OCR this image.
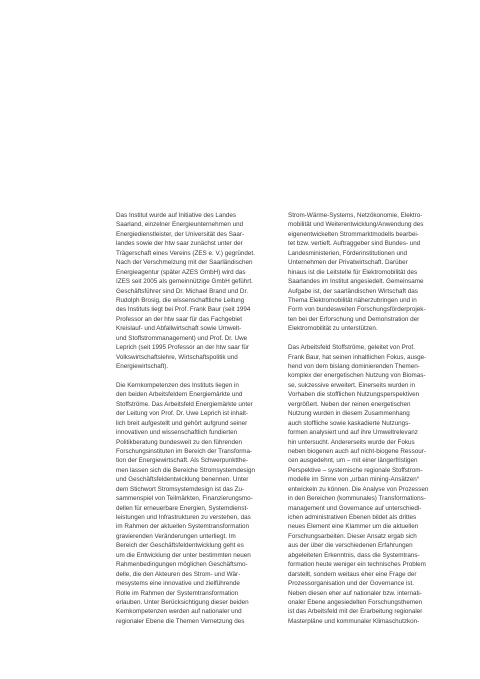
Das Institut wurde auf Initiative des Landes
Saarland, einzelner Energieunternehmen und
Energiedienstleister, der Universität des Saar-
landes sowie der htw saar zunächst unter der
Trägerschaft eines Vereins (ZES e. V.) gegründet.
Nach der Verschmelzung mit der Saarländischen
Energieagentur (später AZES GmbH) wird das
IZES seit 2005 als gemeinnützige GmbH geführt.
Geschäftsführer sind Dr. Michael Brand und Dr.
Rudolph Brosig, die wissenschaftliche Leitung
des Instituts liegt bei Prof. Frank Baur (seit 1994
Professor an der htw saar für das Fachgebiet
Kreislauf- und Abfallwirtschaft sowie Umwelt-
und Stoffstrommanagement) und Prof. Dr. Uwe
Leprich (seit 1995 Professor an der htw saar für
Volkswirtschaftslehre, Wirtschaftspolitik und
Energiewirtschaft).
Die Kernkompetenzen des Instituts liegen in
den beiden Arbeitsfeldern Energiemärkte und
Stoffströme. Das Arbeitsfeld Energiemärkte unter
der Leitung von Prof. Dr. Uwe Leprich ist inhalt-
lich breit aufgestellt und gehört aufgrund seiner
innovativen und wissenschaftlich fundierten
Politikberatung bundesweit zu den führenden
Forschungsinstituten im Bereich der Transforma-
tion der Energiewirtschaft. Als Schwerpunktthe-
men lassen sich die Bereiche Stromsystemdesign
und Geschäftsfeldentwicklung benennen. Unter
dem Stichwort Stromsystemdesign ist das Zu-
sammenspiel von Teilmärkten, Finanzierungsmo-
dellen für erneuerbare Energien, Systemdienst-
leistungen und Infrastrukturen zu verstehen, das
im Rahmen der aktuellen Systemtransformation
gravierenden Veränderungen unterliegt. Im
Bereich der Geschäftsfeldentwicklung geht es
um die Entwicklung der unter bestimmten neuen
Rahmenbedingungen möglichen Geschäftsmo-
delle, die den Akteuren des Strom- und Wär-
mesystems eine innovative und zielführende
Rolle im Rahmen der Systemtransformation
erlauben. Unter Berücksichtigung dieser beiden
Kernkompetenzen werden auf nationaler und
regionaler Ebene die Themen Vernetzung des
Strom-Wärme-Systems, Netzökonomie, Elektro-
mobilität und Weiterentwicklung/Anwendung des
eigenentwickelten Strommarktmodells bearbei-
tet bzw. vertieft. Auftraggeber sind Bundes- und
Landesministerien, Förderinstitutionen und
Unternehmen der Privatwirtschaft. Darüber
hinaus ist die Leitstelle für Elektromobilität des
Saarlandes im Institut angesiedelt. Gemeinsame
Aufgabe ist, der saarländischen Wirtschaft das
Thema Elektromobilität näherzubringen und in
Form von bundesweiten Forschungsförderprojek-
ten bei der Erforschung und Demonstration der
Elektromobilität zu unterstützen.
Das Arbeitsfeld Stoffströme, geleitet von Prof.
Frank Baur, hat seinen inhaltlichen Fokus, ausge-
hend von dem bislang dominierenden Themen-
komplex der energetischen Nutzung von Biomas-
se, sukzessive erweitert. Einerseits wurden in
Vorhaben die stofflichen Nutzungsperspektiven
vergrößert. Neben der reinen energetischen
Nutzung wurden in diesem Zusammenhang
auch stoffliche sowie kaskadierte Nutzungs-
formen analysiert und auf ihre Umweltrelevanz
hin untersucht. Andererseits wurde der Fokus
neben biogenen auch auf nicht-biogene Ressour-
cen ausgedehnt, um – mit einer längerfristigen
Perspektive – systemische regionale Stoffstrom-
modelle im Sinne von „urban mining-Ansätzen“
entwickeln zu können. Die Analyse von Prozessen
in den Bereichen (kommunales) Transformations-
management und Governance auf unterschiedl-
ichen administrativen Ebenen bildet als drittes
neues Element eine Klammer um die aktuellen
Forschungsarbeiten. Dieser Ansatz ergab sich
aus der über die verschiedenen Erfahrungen
abgeleiteten Erkenntnis, dass die Systemtrans-
formation heute weniger ein technisches Problem
darstellt, sondern weitaus eher eine Frage der
Prozessorganisation und der Governance ist.
Neben diesen eher auf nationaler bzw. internati-
onaler Ebene angesiedelten Forschungsthemen
ist das Arbeitsfeld mit der Erarbeitung regionaler
Masterpläne und kommunaler Klimaschutzkon-
